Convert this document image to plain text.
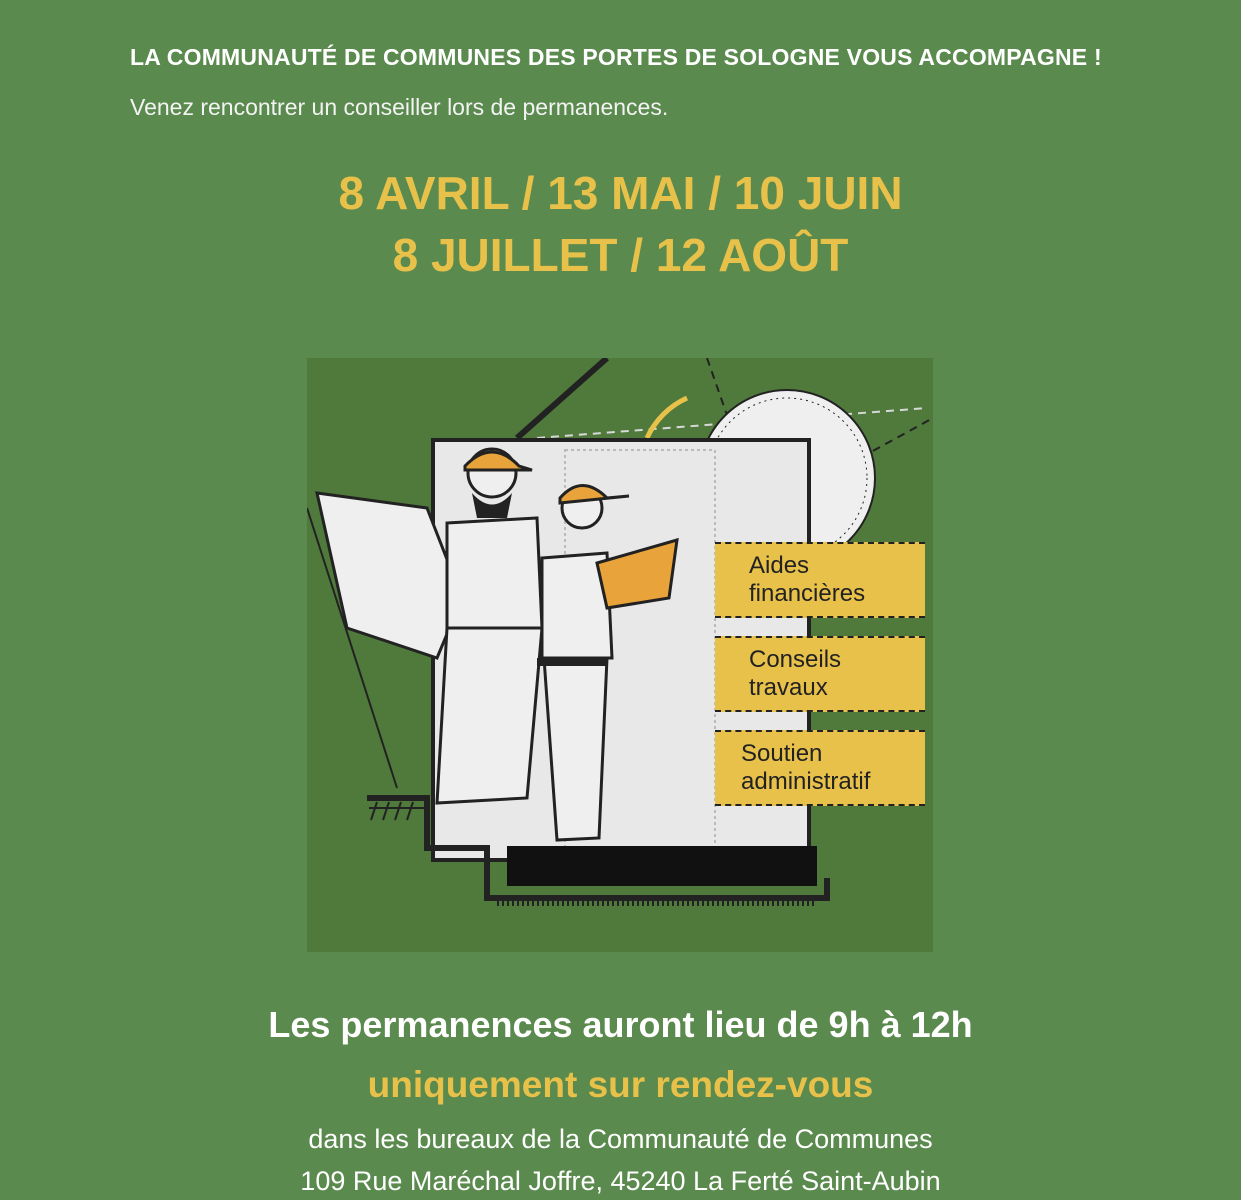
LA COMMUNAUTÉ DE COMMUNES DES PORTES DE SOLOGNE VOUS ACCOMPAGNE !
Venez rencontrer un conseiller lors de permanences.
8 AVRIL / 13 MAI / 10 JUIN
8 JUILLET / 12 AOÛT
Aides
financières
Conseils
travaux
Soutien
administratif
Les permanences auront lieu de 9h à 12h
uniquement sur rendez-vous
dans les bureaux de la Communauté de Communes
109 Rue Maréchal Joffre, 45240 La Ferté Saint-Aubin
